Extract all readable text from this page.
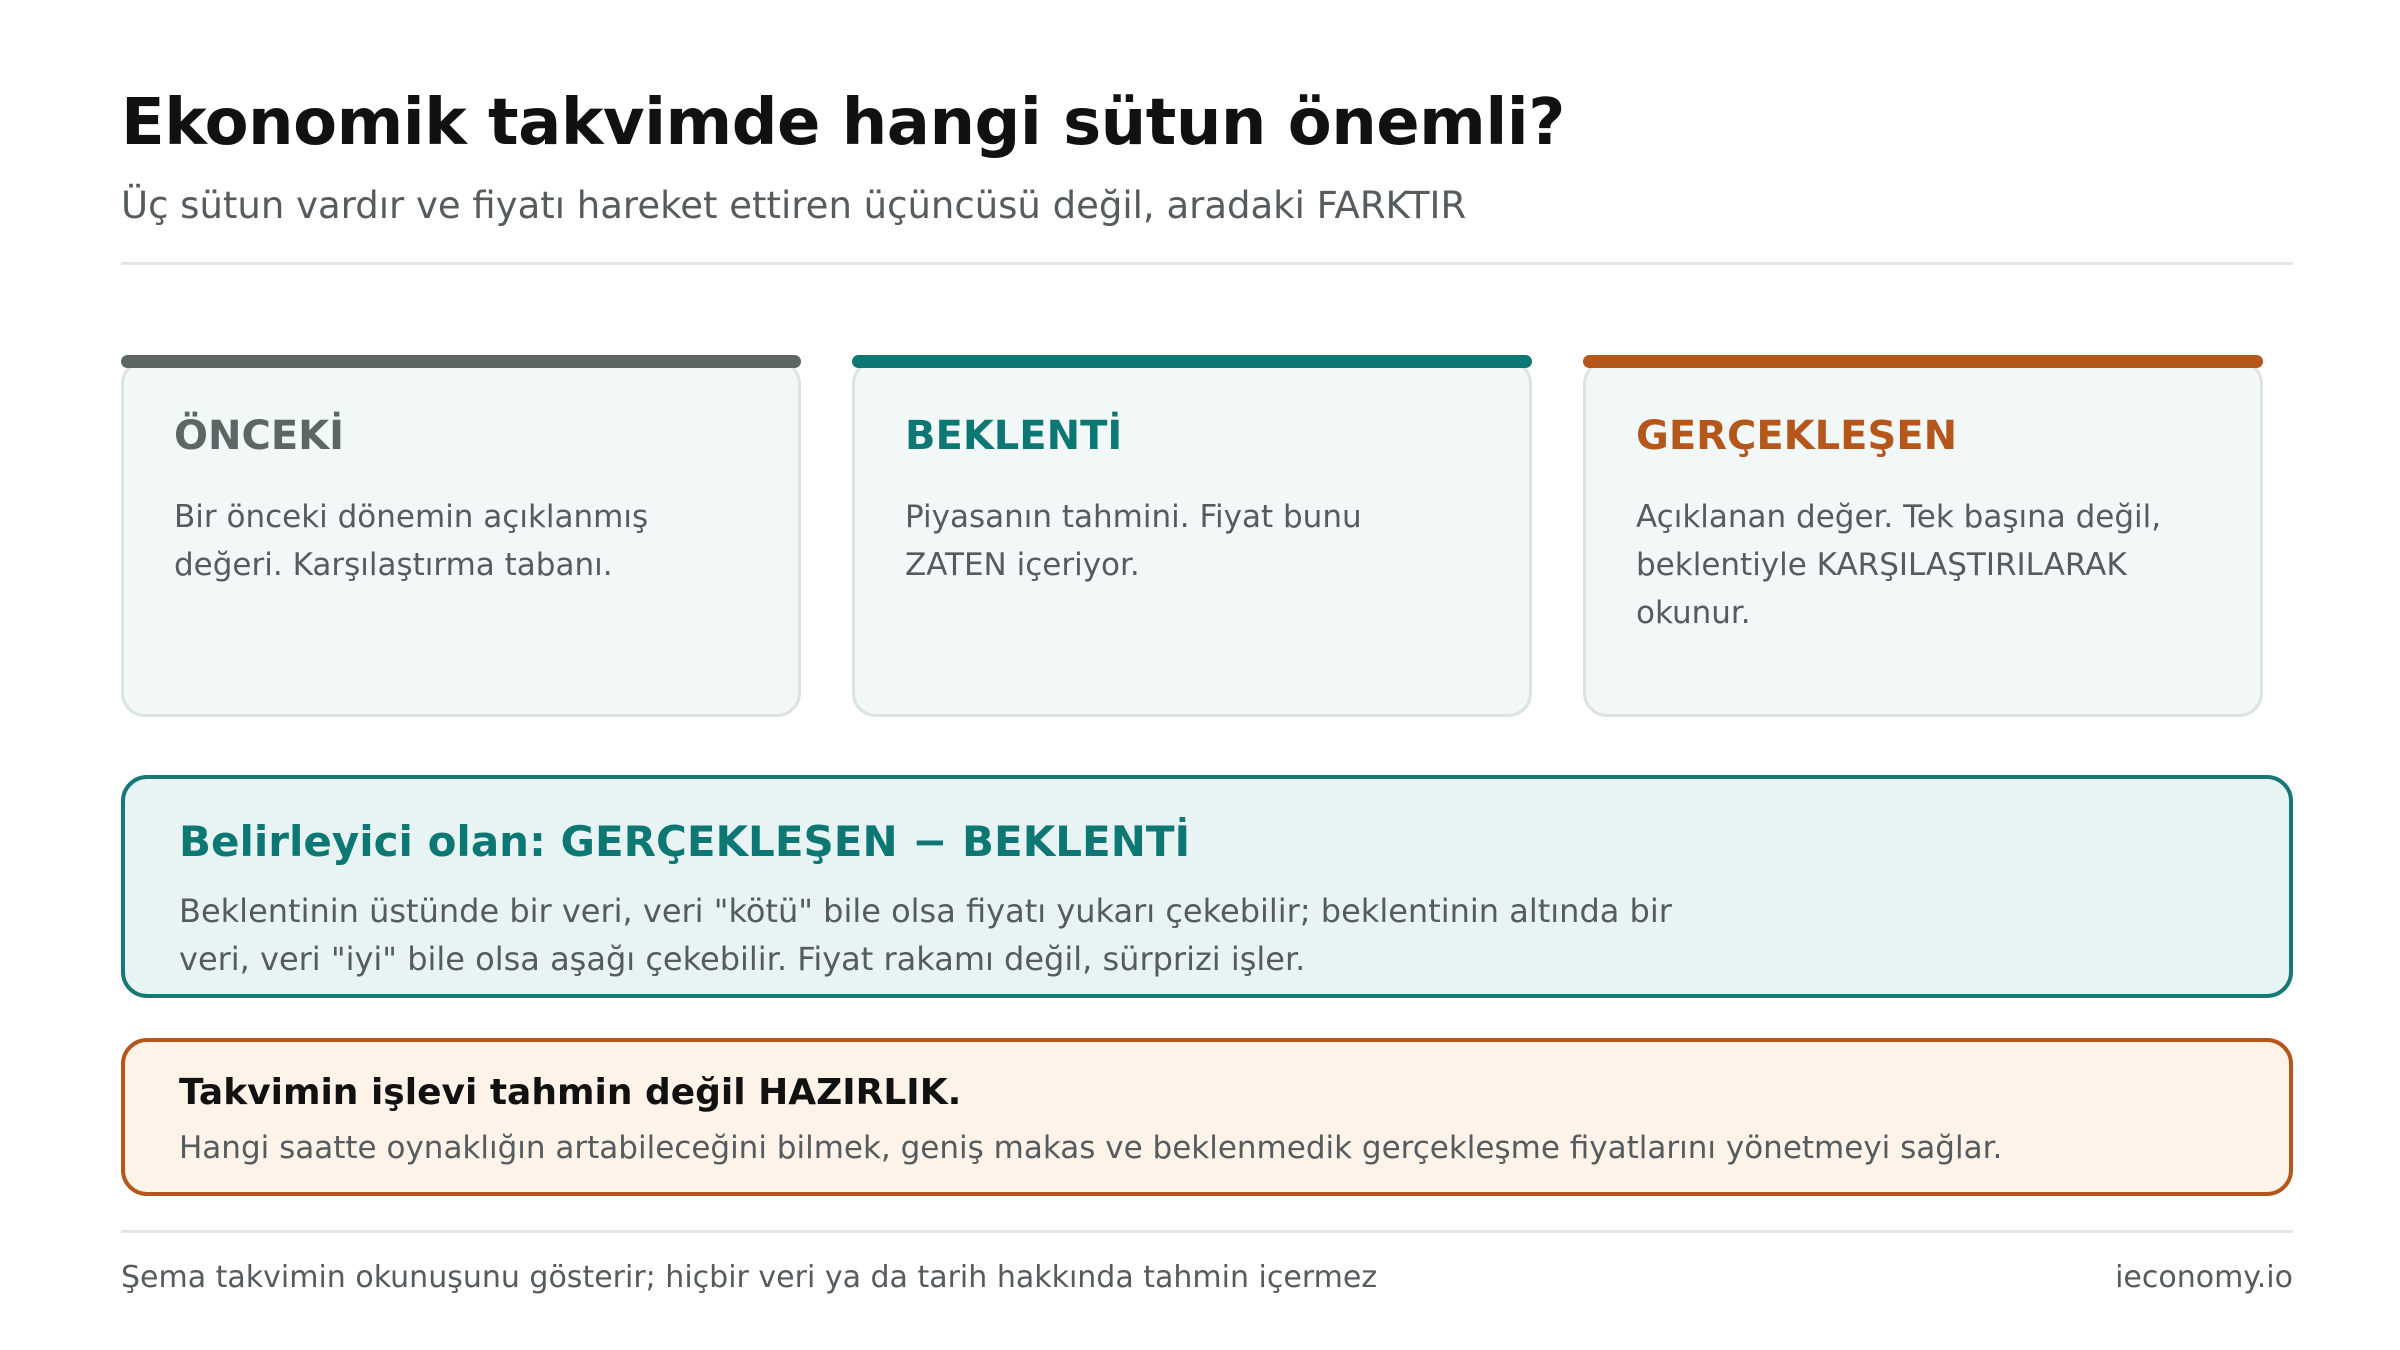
Ekonomik takvimde hangi sütun önemli?
Üç sütun vardır ve fiyatı hareket ettiren üçüncüsü değil, aradaki FARKTIR
ÖNCEKİ
Bir önceki dönemin açıklanmış değeri. Karşılaştırma tabanı.
BEKLENTİ
Piyasanın tahmini. Fiyat bunu ZATEN içeriyor.
GERÇEKLEŞEN
Açıklanan değer. Tek başına değil, beklentiyle KARŞILAŞTIRILARAK okunur.
Belirleyici olan: GERÇEKLEŞEN − BEKLENTİ
Beklentinin üstünde bir veri, veri "kötü" bile olsa fiyatı yukarı çekebilir; beklentinin altında bir veri, veri "iyi" bile olsa aşağı çekebilir. Fiyat rakamı değil, sürprizi işler.
Takvimin işlevi tahmin değil HAZIRLIK.
Hangi saatte oynaklığın artabileceğini bilmek, geniş makas ve beklenmedik gerçekleşme fiyatlarını yönetmeyi sağlar.
Şema takvimin okunuşunu gösterir; hiçbir veri ya da tarih hakkında tahmin içermez	ieconomy.io
